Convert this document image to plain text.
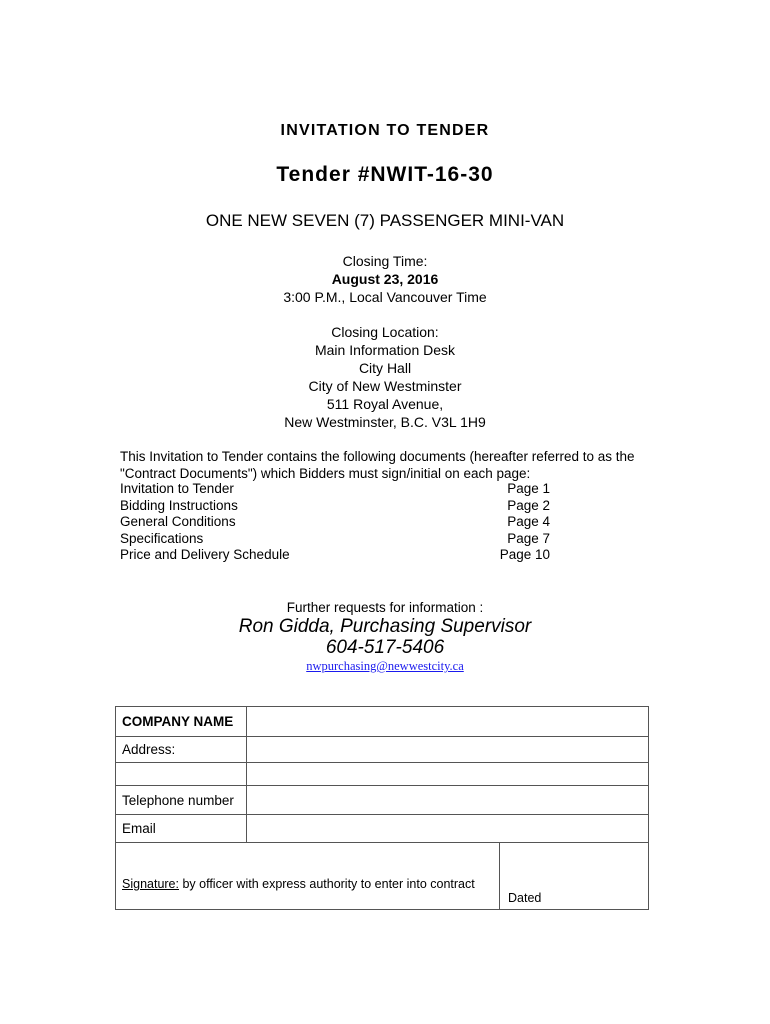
INVITATION TO TENDER
Tender #NWIT-16-30
ONE NEW SEVEN (7) PASSENGER MINI-VAN
Closing Time:
August 23, 2016
3:00 P.M., Local Vancouver Time
Closing Location:
Main Information Desk
City Hall
City of New Westminster
511 Royal Avenue,
New Westminster, B.C. V3L 1H9
This Invitation to Tender contains the following documents (hereafter referred to as the "Contract Documents") which Bidders must sign/initial on each page:
Invitation to Tender	Page 1
Bidding Instructions	Page 2
General Conditions	Page 4
Specifications	Page 7
Price and Delivery Schedule	Page 10
Further requests for information :
Ron Gidda, Purchasing Supervisor
604-517-5406
nwpurchasing@newwestcity.ca
COMPANY NAME		
Address:		

Telephone number		
Email		

Signature: by officer with express authority to enter into contract		Dated
